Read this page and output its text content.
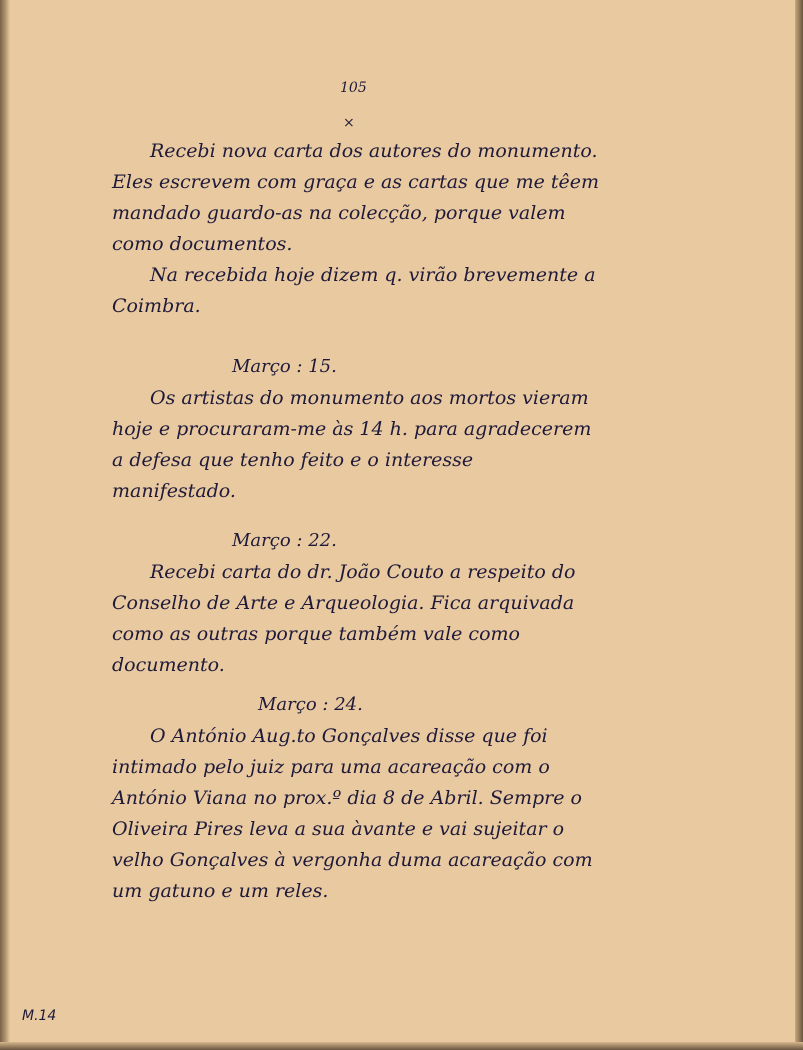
105
×

Recebi nova carta dos autores do monumento. Eles escrevem com graça e as cartas que me têem mandado guardo-as na colecção, porque valem como documentos.

Na recebida hoje dizem q. virão brevemente a Coimbra.

Março : 15.

Os artistas do monumento aos mortos vieram hoje e procuraram-me às 14 h. para agradecerem a defesa que tenho feito e o interesse manifestado.

Março : 22.

Recebi carta do dr. João Couto a respeito do Conselho de Arte e Arqueologia. Fica arquivada como as outras porque também vale como documento.

Março : 24.

O António Aug.to Gonçalves disse que foi intimado pelo juiz para uma acareação com o António Viana no prox.º dia 8 de Abril. Sempre o Oliveira Pires leva a sua àvante e vai sujeitar o velho Gonçalves à vergonha duma acareação com um gatuno e um reles.

M.14
